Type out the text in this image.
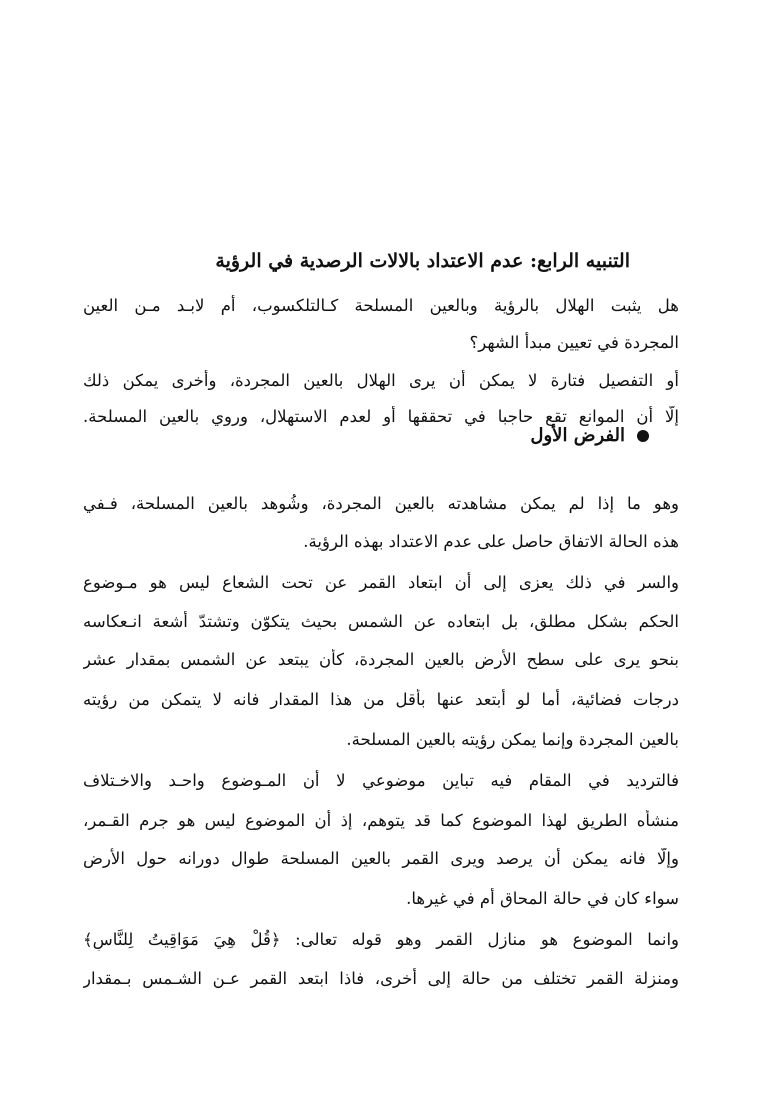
التنبيه الرابع: عدم الاعتداد بالالات الرصدية في الرؤية
هل يثبت الهلال بالرؤية وبالعين المسلحة كـالتلكسوب، أم لابـد مـن العين
المجردة في تعيين مبدأ الشهر؟
أو التفصيل فتارة لا يمكن أن يرى الهلال بالعين المجردة، وأخرى يمكن ذلك
إلّا أن الموانع تقع حاجبا في تحققها أو لعدم الاستهلال، وروي بالعين المسلحة.
الفرض الأول
وهو ما إذا لم يمكن مشاهدته بالعين المجردة، وشُوهد بالعين المسلحة، فـفي
هذه الحالة الاتفاق حاصل على عدم الاعتداد بهذه الرؤية.
والسر في ذلك يعزى إلى أن ابتعاد القمر عن تحت الشعاع ليس هو مـوضوع
الحكم بشكل مطلق، بل ابتعاده عن الشمس بحيث يتكوّن وتشتدّ أشعة انـعكاسه
بنحو يرى على سطح الأرض بالعين المجردة، كأن يبتعد عن الشمس بمقدار عشر
درجات فضائية، أما لو أبتعد عنها بأقل من هذا المقدار فانه لا يتمكن من رؤيته
بالعين المجردة وإنما يمكن رؤيته بالعين المسلحة.
فالترديد في المقام فيه تباين موضوعي لا أن المـوضوع واحـد والاخـتلاف
منشأه الطريق لهذا الموضوع كما قد يتوهم، إذ أن الموضوع ليس هو جرم القـمر،
وإلّا فانه يمكن أن يرصد ويرى القمر بالعين المسلحة طوال دورانه حول الأرض
سواء كان في حالة المحاق أم في غيرها.
وانما الموضوع هو منازل القمر وهو قوله تعالى: ﴿قُلْ هِيَ مَوَاقِيتُ لِلنَّاسِ﴾
ومنزلة القمر تختلف من حالة إلى أخرى، فاذا ابتعد القمر عـن الشـمس بـمقدار
